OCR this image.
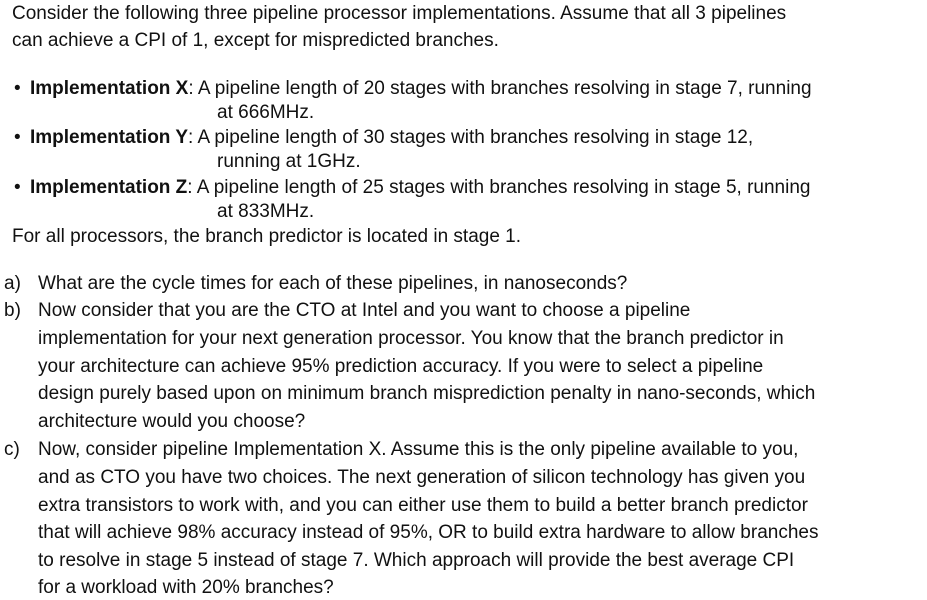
Consider the following three pipeline processor implementations. Assume that all 3 pipelines
can achieve a CPI of 1, except for mispredicted branches.
• Implementation X: A pipeline length of 20 stages with branches resolving in stage 7, running
at 666MHz.
• Implementation Y: A pipeline length of 30 stages with branches resolving in stage 12,
running at 1GHz.
• Implementation Z: A pipeline length of 25 stages with branches resolving in stage 5, running
at 833MHz.
For all processors, the branch predictor is located in stage 1.
a) What are the cycle times for each of these pipelines, in nanoseconds?
b) Now consider that you are the CTO at Intel and you want to choose a pipeline
implementation for your next generation processor. You know that the branch predictor in
your architecture can achieve 95% prediction accuracy. If you were to select a pipeline
design purely based upon on minimum branch misprediction penalty in nano-seconds, which
architecture would you choose?
c) Now, consider pipeline Implementation X. Assume this is the only pipeline available to you,
and as CTO you have two choices. The next generation of silicon technology has given you
extra transistors to work with, and you can either use them to build a better branch predictor
that will achieve 98% accuracy instead of 95%, OR to build extra hardware to allow branches
to resolve in stage 5 instead of stage 7. Which approach will provide the best average CPI
for a workload with 20% branches?
